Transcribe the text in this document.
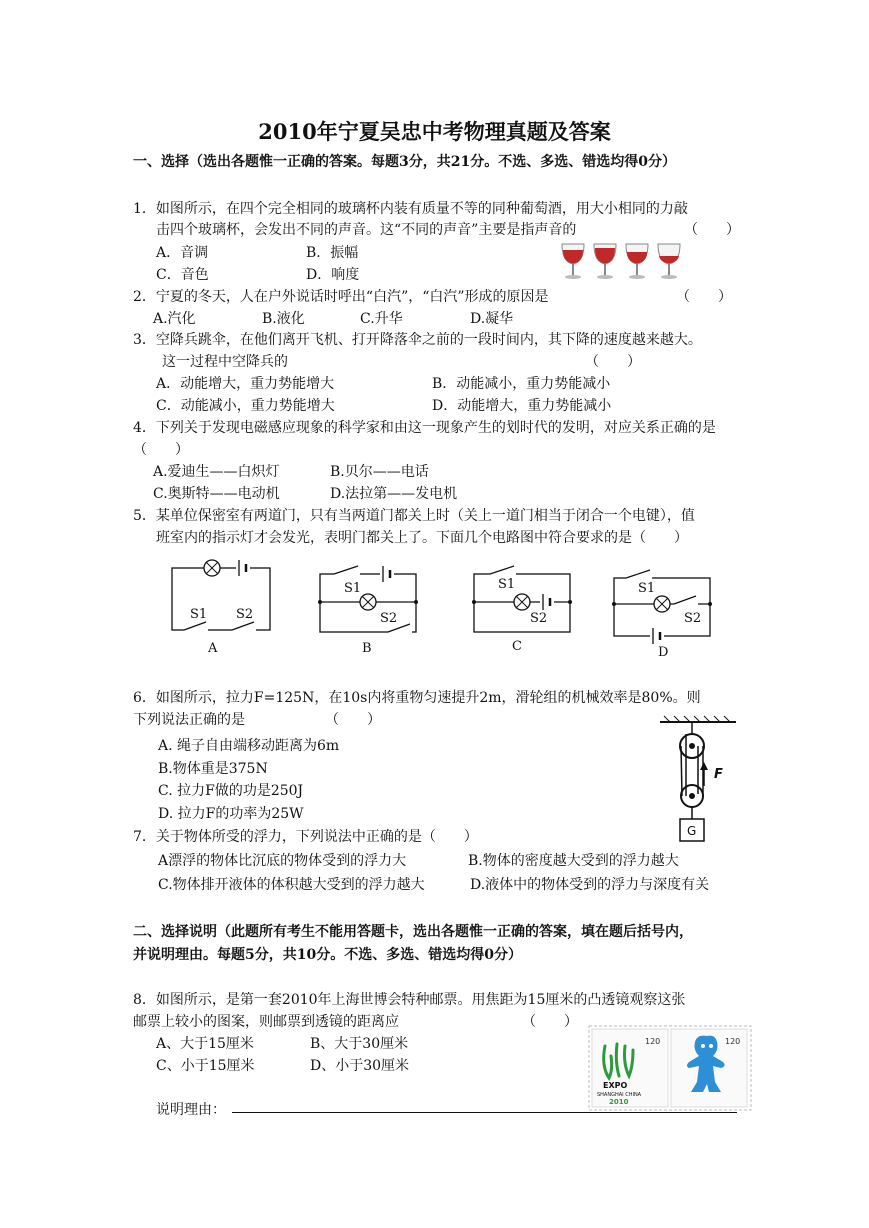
2010年宁夏吴忠中考物理真题及答案
一、选择（选出各题惟一正确的答案。每题3分，共21分。不选、多选、错选均得0分）
1．如图所示，在四个完全相同的玻璃杯内装有质量不等的同种葡萄酒，用大小相同的力敲
击四个玻璃杯，会发出不同的声音。这“不同的声音”主要是指声音的	（　　）
A．音调	B．振幅
C．音色	D．响度
2．宁夏的冬天，人在户外说话时呼出“白汽”，“白汽”形成的原因是	（　　）
A.汽化	B.液化	C.升华	D.凝华
3．空降兵跳伞，在他们离开飞机、打开降落伞之前的一段时间内，其下降的速度越来越大。
这一过程中空降兵的	（　　）
A．动能增大，重力势能增大	B．动能减小，重力势能减小
C．动能减小，重力势能增大	D．动能增大，重力势能减小
4．下列关于发现电磁感应现象的科学家和由这一现象产生的划时代的发明，对应关系正确的是
（　　）
A.爱迪生——白炽灯	B.贝尔——电话
C.奥斯特——电动机	D.法拉第——发电机
5．某单位保密室有两道门，只有当两道门都关上时（关上一道门相当于闭合一个电键），值
班室内的指示灯才会发光，表明门都关上了。下面几个电路图中符合要求的是（　　）
S1 S2
A
S1
S2
B
S1
S2
C
S1
S2
D
6．如图所示，拉力F=125N，在10s内将重物匀速提升2m，滑轮组的机械效率是80%。则
下列说法正确的是	（　　）
A. 绳子自由端移动距离为6m
B.物体重是375N
C. 拉力F做的功是250J
D. 拉力F的功率为25W
F
G
7．关于物体所受的浮力，下列说法中正确的是（　　）
A漂浮的物体比沉底的物体受到的浮力大	B.物体的密度越大受到的浮力越大
C.物体排开液体的体积越大受到的浮力越大	D.液体中的物体受到的浮力与深度有关
二、选择说明（此题所有考生不能用答题卡，选出各题惟一正确的答案，填在题后括号内，
并说明理由。每题5分，共10分。不选、多选、错选均得0分）
8．如图所示，是第一套2010年上海世博会特种邮票。用焦距为15厘米的凸透镜观察这张
邮票上较小的图案，则邮票到透镜的距离应	（　　）
A、大于15厘米	B、大于30厘米
C、小于15厘米	D、小于30厘米
说明理由：
120
EXPO
SHANGHAI CHINA
2010
120
